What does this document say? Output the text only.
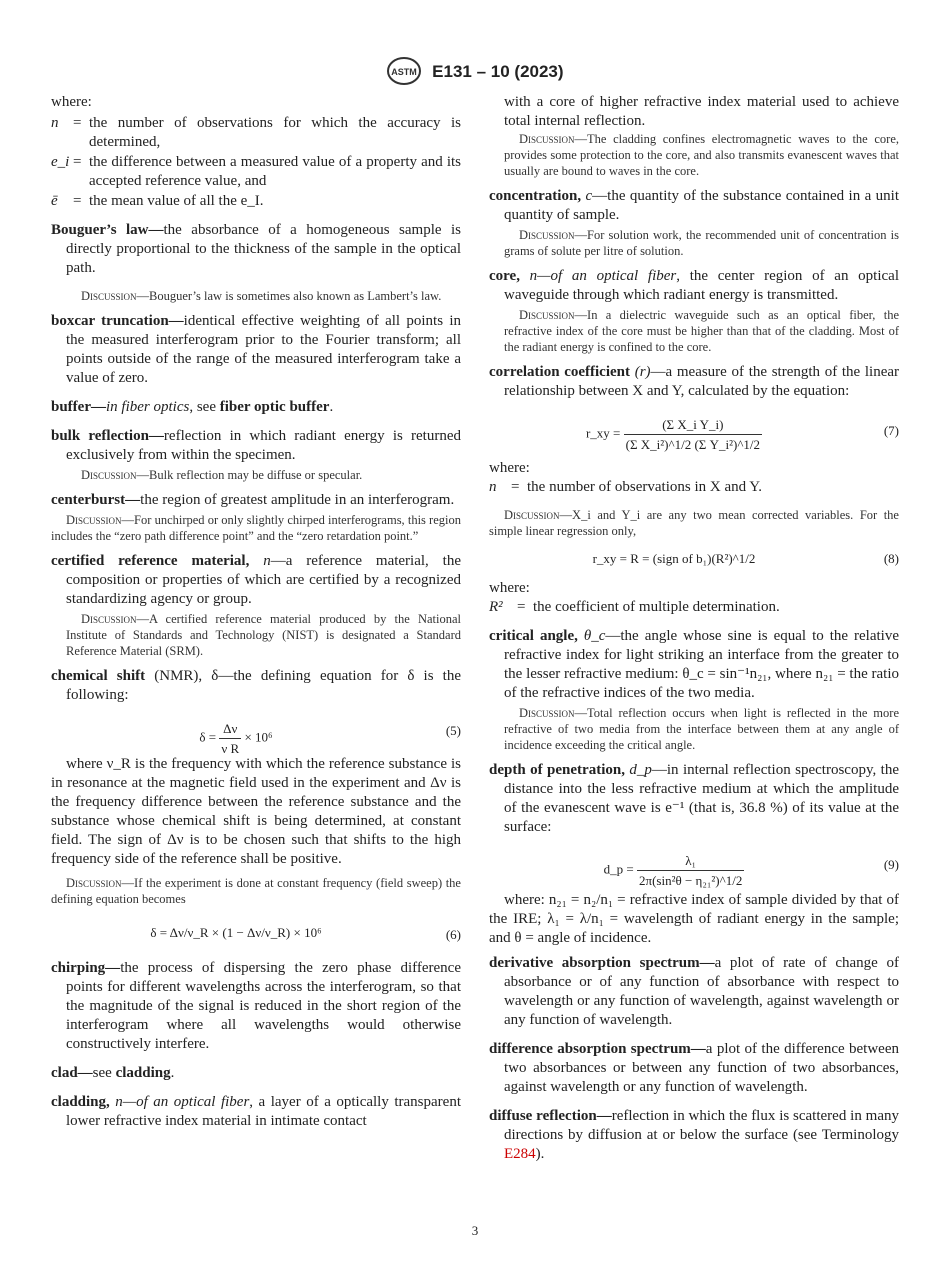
ASTM E131 – 10 (2023)
where:
n = the number of observations for which the accuracy is determined,
e_i = the difference between a measured value of a property and its accepted reference value, and
ē	= the mean value of all the e_I.
Bouguer’s law—the absorbance of a homogeneous sample is directly proportional to the thickness of the sample in the optical path.
Discussion—Bouguer’s law is sometimes also known as Lambert’s law.
boxcar truncation—identical effective weighting of all points in the measured interferogram prior to the Fourier transform; all points outside of the range of the measured interferogram take a value of zero.
buffer—in fiber optics, see fiber optic buffer.
bulk reflection—reflection in which radiant energy is returned exclusively from within the specimen.
Discussion—Bulk reflection may be diffuse or specular.
centerburst—the region of greatest amplitude in an interferogram.
Discussion—For unchirped or only slightly chirped interferograms, this region includes the “zero path difference point” and the “zero retardation point.”
certified reference material, n—a reference material, the composition or properties of which are certified by a recognized standardizing agency or group.
Discussion—A certified reference material produced by the National Institute of Standards and Technology (NIST) is designated a Standard Reference Material (SRM).
chemical shift (NMR), δ—the defining equation for δ is the following:
$\delta = \frac{\Delta\nu}{\text{ν R}} \times 10^6$	(5)
where ν_R is the frequency with which the reference substance is in resonance at the magnetic field used in the experiment and Δν is the frequency difference between the reference substance and the substance whose chemical shift is being determined, at constant field. The sign of Δν is to be chosen such that shifts to the high frequency side of the reference shall be positive.
Discussion—If the experiment is done at constant frequency (field sweep) the defining equation becomes
δ = Δν/ν_R × (1 − Δν/ν_R) × 10⁶	(6)
chirping—the process of dispersing the zero phase difference points for different wavelengths across the interferogram, so that the magnitude of the signal is reduced in the short region of the interferogram where all wavelengths would otherwise constructively interfere.
clad—see cladding.
cladding, n—of an optical fiber, a layer of a optically transparent lower refractive index material in intimate contact
with a core of higher refractive index material used to achieve total internal reflection.
Discussion—The cladding confines electromagnetic waves to the core, provides some protection to the core, and also transmits evanescent waves that usually are bound to waves in the core.
concentration, c—the quantity of the substance contained in a unit quantity of sample.
Discussion—For solution work, the recommended unit of concentration is grams of solute per litre of solution.
core, n—of an optical fiber, the center region of an optical waveguide through which radiant energy is transmitted.
Discussion—In a dielectric waveguide such as an optical fiber, the refractive index of the core must be higher than that of the cladding. Most of the radiant energy is confined to the core.
correlation coefficient (r)—a measure of the strength of the linear relationship between X and Y, calculated by the equation:
r_xy = $\frac{\text{(Σ X\_i Y\_i)}}{\text{(Σ X\_i²)\textasciicircum{}1/2 (Σ Y\_i²)\textasciicircum{}1/2}}$	(7)
where:
n = the number of observations in X and Y.
Discussion—X_i and Y_i are any two mean corrected variables. For the simple linear regression only,
r_xy = R = (sign of b₁)(R²)^1/2	(8)
where:
R² = the coefficient of multiple determination.
critical angle, θ_c—the angle whose sine is equal to the relative refractive index for light striking an interface from the greater to the lesser refractive medium: θ_c = sin⁻¹n₂₁, where n₂₁ = the ratio of the refractive indices of the two media.
Discussion—Total reflection occurs when light is reflected in the more refractive of two media from the interface between them at any angle of incidence exceeding the critical angle.
depth of penetration, d_p—in internal reflection spectroscopy, the distance into the less refractive medium at which the amplitude of the evanescent wave is e⁻¹ (that is, 36.8 %) of its value at the surface:
d_p = $\frac{\text{λ₁}}{\text{2π(sin²θ − η₂₁²)\textasciicircum{}1/2}}$	(9)
where: n₂₁ = n₂/n₁ = refractive index of sample divided by that of the IRE; λ₁ = λ/n₁ = wavelength of radiant energy in the sample; and θ = angle of incidence.
derivative absorption spectrum—a plot of rate of change of absorbance or of any function of absorbance with respect to wavelength or any function of wavelength, against wavelength or any function of wavelength.
difference absorption spectrum—a plot of the difference between two absorbances or between any function of two absorbances, against wavelength or any function of wavelength.
diffuse reflection—reflection in which the flux is scattered in many directions by diffusion at or below the surface (see Terminology E284).
3
